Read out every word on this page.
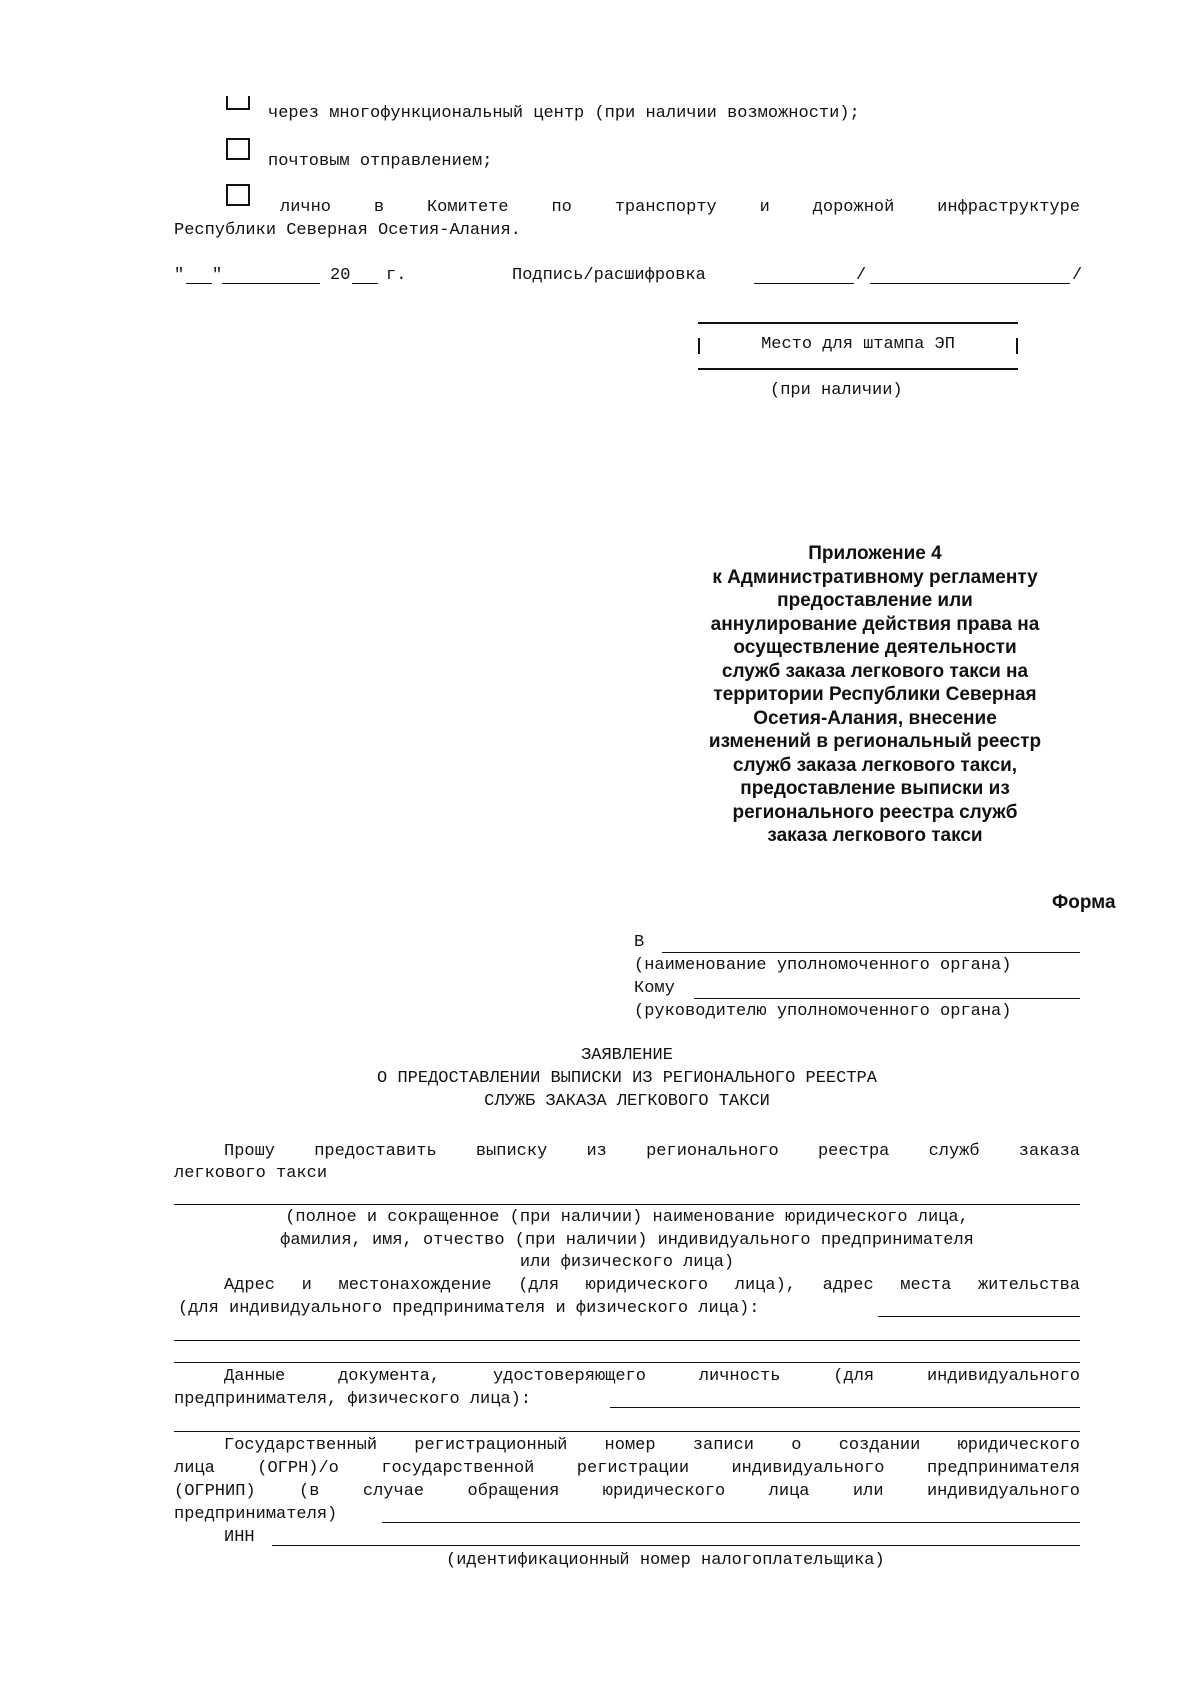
через многофункциональный центр (при наличии возможности);
почтовым отправлением;
лично в Комитете по транспорту и дорожной инфраструктуре
Республики Северная Осетия-Алания.
" "	20 г.	Подпись/расшифровка	/	/
Место для штампа ЭП
(при наличии)
Приложение 4
к Административному регламенту
предоставление или
аннулирование действия права на
осуществление деятельности
служб заказа легкового такси на
территории Республики Северная
Осетия-Алания, внесение
изменений в региональный реестр
служб заказа легкового такси,
предоставление выписки из
регионального реестра служб
заказа легкового такси
Форма
В
(наименование уполномоченного органа)
Кому
(руководителю уполномоченного органа)
ЗАЯВЛЕНИЕ
О ПРЕДОСТАВЛЕНИИ ВЫПИСКИ ИЗ РЕГИОНАЛЬНОГО РЕЕСТРА
СЛУЖБ ЗАКАЗА ЛЕГКОВОГО ТАКСИ
Прошу предоставить выписку из регионального реестра служб заказа
легкового такси
(полное и сокращенное (при наличии) наименование юридического лица,
фамилия, имя, отчество (при наличии) индивидуального предпринимателя
или физического лица)
Адрес и местонахождение (для юридического лица), адрес места жительства
(для индивидуального предпринимателя и физического лица):
Данные документа, удостоверяющего личность (для индивидуального
предпринимателя, физического лица):
Государственный регистрационный номер записи о создании юридического
лица (ОГРН)/о государственной регистрации индивидуального предпринимателя
(ОГРНИП) (в случае обращения юридического лица или индивидуального
предпринимателя)
ИНН
(идентификационный номер налогоплательщика)
